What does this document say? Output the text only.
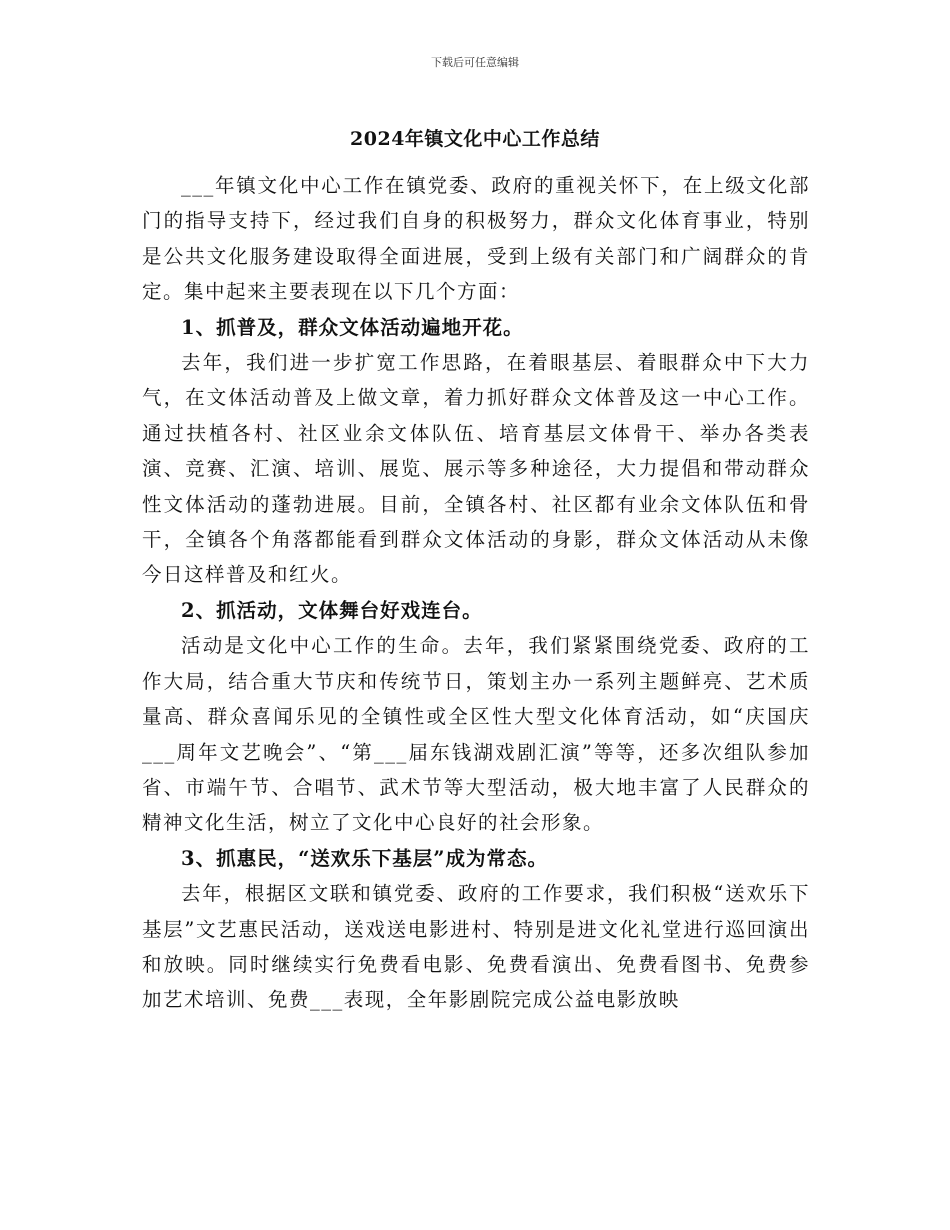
下载后可任意编辑
2024年镇文化中心工作总结

___年镇文化中心工作在镇党委、政府的重视关怀下，在上级文化部门的指导支持下，经过我们自身的积极努力，群众文化体育事业，特别是公共文化服务建设取得全面进展，受到上级有关部门和广阔群众的肯定。集中起来主要表现在以下几个方面：

1、抓普及，群众文体活动遍地开花。

去年，我们进一步扩宽工作思路，在着眼基层、着眼群众中下大力气，在文体活动普及上做文章，着力抓好群众文体普及这一中心工作。通过扶植各村、社区业余文体队伍、培育基层文体骨干、举办各类表演、竞赛、汇演、培训、展览、展示等多种途径，大力提倡和带动群众性文体活动的蓬勃进展。目前，全镇各村、社区都有业余文体队伍和骨干，全镇各个角落都能看到群众文体活动的身影，群众文体活动从未像今日这样普及和红火。

2、抓活动，文体舞台好戏连台。

活动是文化中心工作的生命。去年，我们紧紧围绕党委、政府的工作大局，结合重大节庆和传统节日，策划主办一系列主题鲜亮、艺术质量高、群众喜闻乐见的全镇性或全区性大型文化体育活动，如“庆国庆___周年文艺晚会”、“第___届东钱湖戏剧汇演”等等，还多次组队参加省、市端午节、合唱节、武术节等大型活动，极大地丰富了人民群众的精神文化生活，树立了文化中心良好的社会形象。

3、抓惠民，“送欢乐下基层”成为常态。

去年，根据区文联和镇党委、政府的工作要求，我们积极“送欢乐下基层”文艺惠民活动，送戏送电影进村、特别是进文化礼堂进行巡回演出和放映。同时继续实行免费看电影、免费看演出、免费看图书、免费参加艺术培训、免费___表现，全年影剧院完成公益电影放映
